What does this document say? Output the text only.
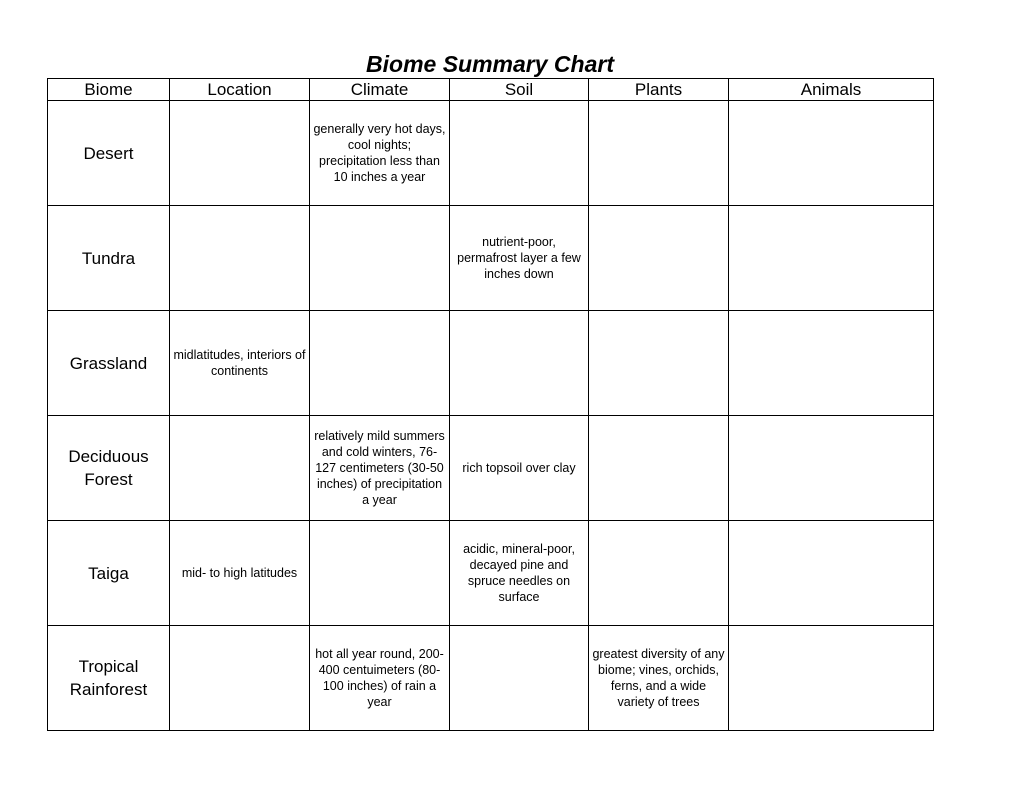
Biome Summary Chart
Biome	Location	Climate	Soil	Plants	Animals
Desert		generally very hot days, cool nights; precipitation less than 10 inches a year			
Tundra			nutrient-poor, permafrost layer a few inches down		
Grassland	midlatitudes, interiors of continents				
Deciduous
Forest		relatively mild summers and cold winters, 76-127 centimeters (30-50 inches) of precipitation a year	rich topsoil over clay		
Taiga	mid- to high latitudes		acidic, mineral-poor, decayed pine and spruce needles on surface		
Tropical
Rainforest		hot all year round, 200-400 centuimeters (80-100 inches) of rain a year		greatest diversity of any biome; vines, orchids, ferns, and a wide variety of trees	
